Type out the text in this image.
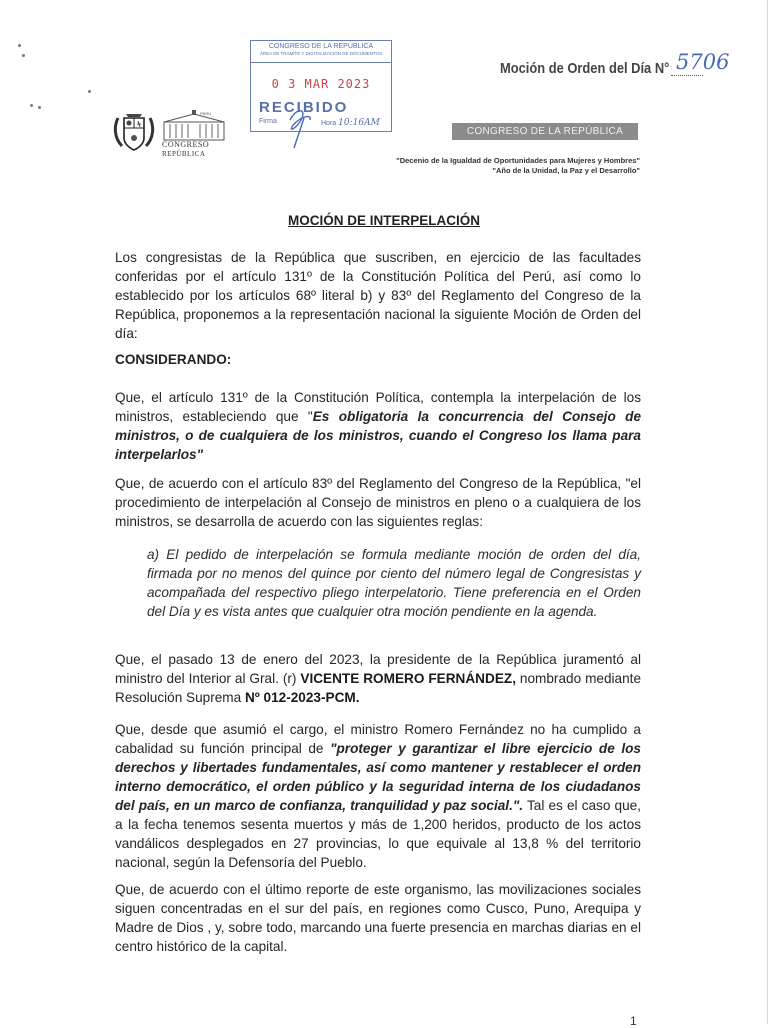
CONGRESO DE LA REPÚBLICA
ÁREA DE TRÁMITE Y DIGITALIZACIÓN DE DOCUMENTOS
0 3 MAR 2023
RECIBIDO
Firma	Hora 10:16AM
Moción de Orden del Día N° 5706
CONGRESO DE LA REPÚBLICA
"Decenio de la Igualdad de Oportunidades para Mujeres y Hombres"
"Año de la Unidad, la Paz y el Desarrollo"
PERÚ
CONGRESO
REPÚBLICA
MOCIÓN DE INTERPELACIÓN

Los congresistas de la República que suscriben, en ejercicio de las facultades conferidas por el artículo 131º de la Constitución Política del Perú, así como lo establecido por los artículos 68º literal b) y 83º del Reglamento del Congreso de la República, proponemos a la representación nacional la siguiente Moción de Orden del día:

CONSIDERANDO:

Que, el artículo 131º de la Constitución Política, contempla la interpelación de los ministros, estableciendo que "Es obligatoria la concurrencia del Consejo de ministros, o de cualquiera de los ministros, cuando el Congreso los llama para interpelarlos"

Que, de acuerdo con el artículo 83º del Reglamento del Congreso de la República, "el procedimiento de interpelación al Consejo de ministros en pleno o a cualquiera de los ministros, se desarrolla de acuerdo con las siguientes reglas:

a) El pedido de interpelación se formula mediante moción de orden del día, firmada por no menos del quince por ciento del número legal de Congresistas y acompañada del respectivo pliego interpelatorio. Tiene preferencia en el Orden del Día y es vista antes que cualquier otra moción pendiente en la agenda.

Que, el pasado 13 de enero del 2023, la presidente de la República juramentó al ministro del Interior al Gral. (r) VICENTE ROMERO FERNÁNDEZ, nombrado mediante Resolución Suprema Nº 012-2023-PCM.

Que, desde que asumió el cargo, el ministro Romero Fernández no ha cumplido a cabalidad su función principal de "proteger y garantizar el libre ejercicio de los derechos y libertades fundamentales, así como mantener y restablecer el orden interno democrático, el orden público y la seguridad interna de los ciudadanos del país, en un marco de confianza, tranquilidad y paz social.". Tal es el caso que, a la fecha tenemos sesenta muertos y más de 1,200 heridos, producto de los actos vandálicos desplegados en 27 provincias, lo que equivale al 13,8 % del territorio nacional, según la Defensoría del Pueblo.

Que, de acuerdo con el último reporte de este organismo, las movilizaciones sociales siguen concentradas en el sur del país, en regiones como Cusco, Puno, Arequipa y Madre de Dios , y, sobre todo, marcando una fuerte presencia en marchas diarias en el centro histórico de la capital.

1
